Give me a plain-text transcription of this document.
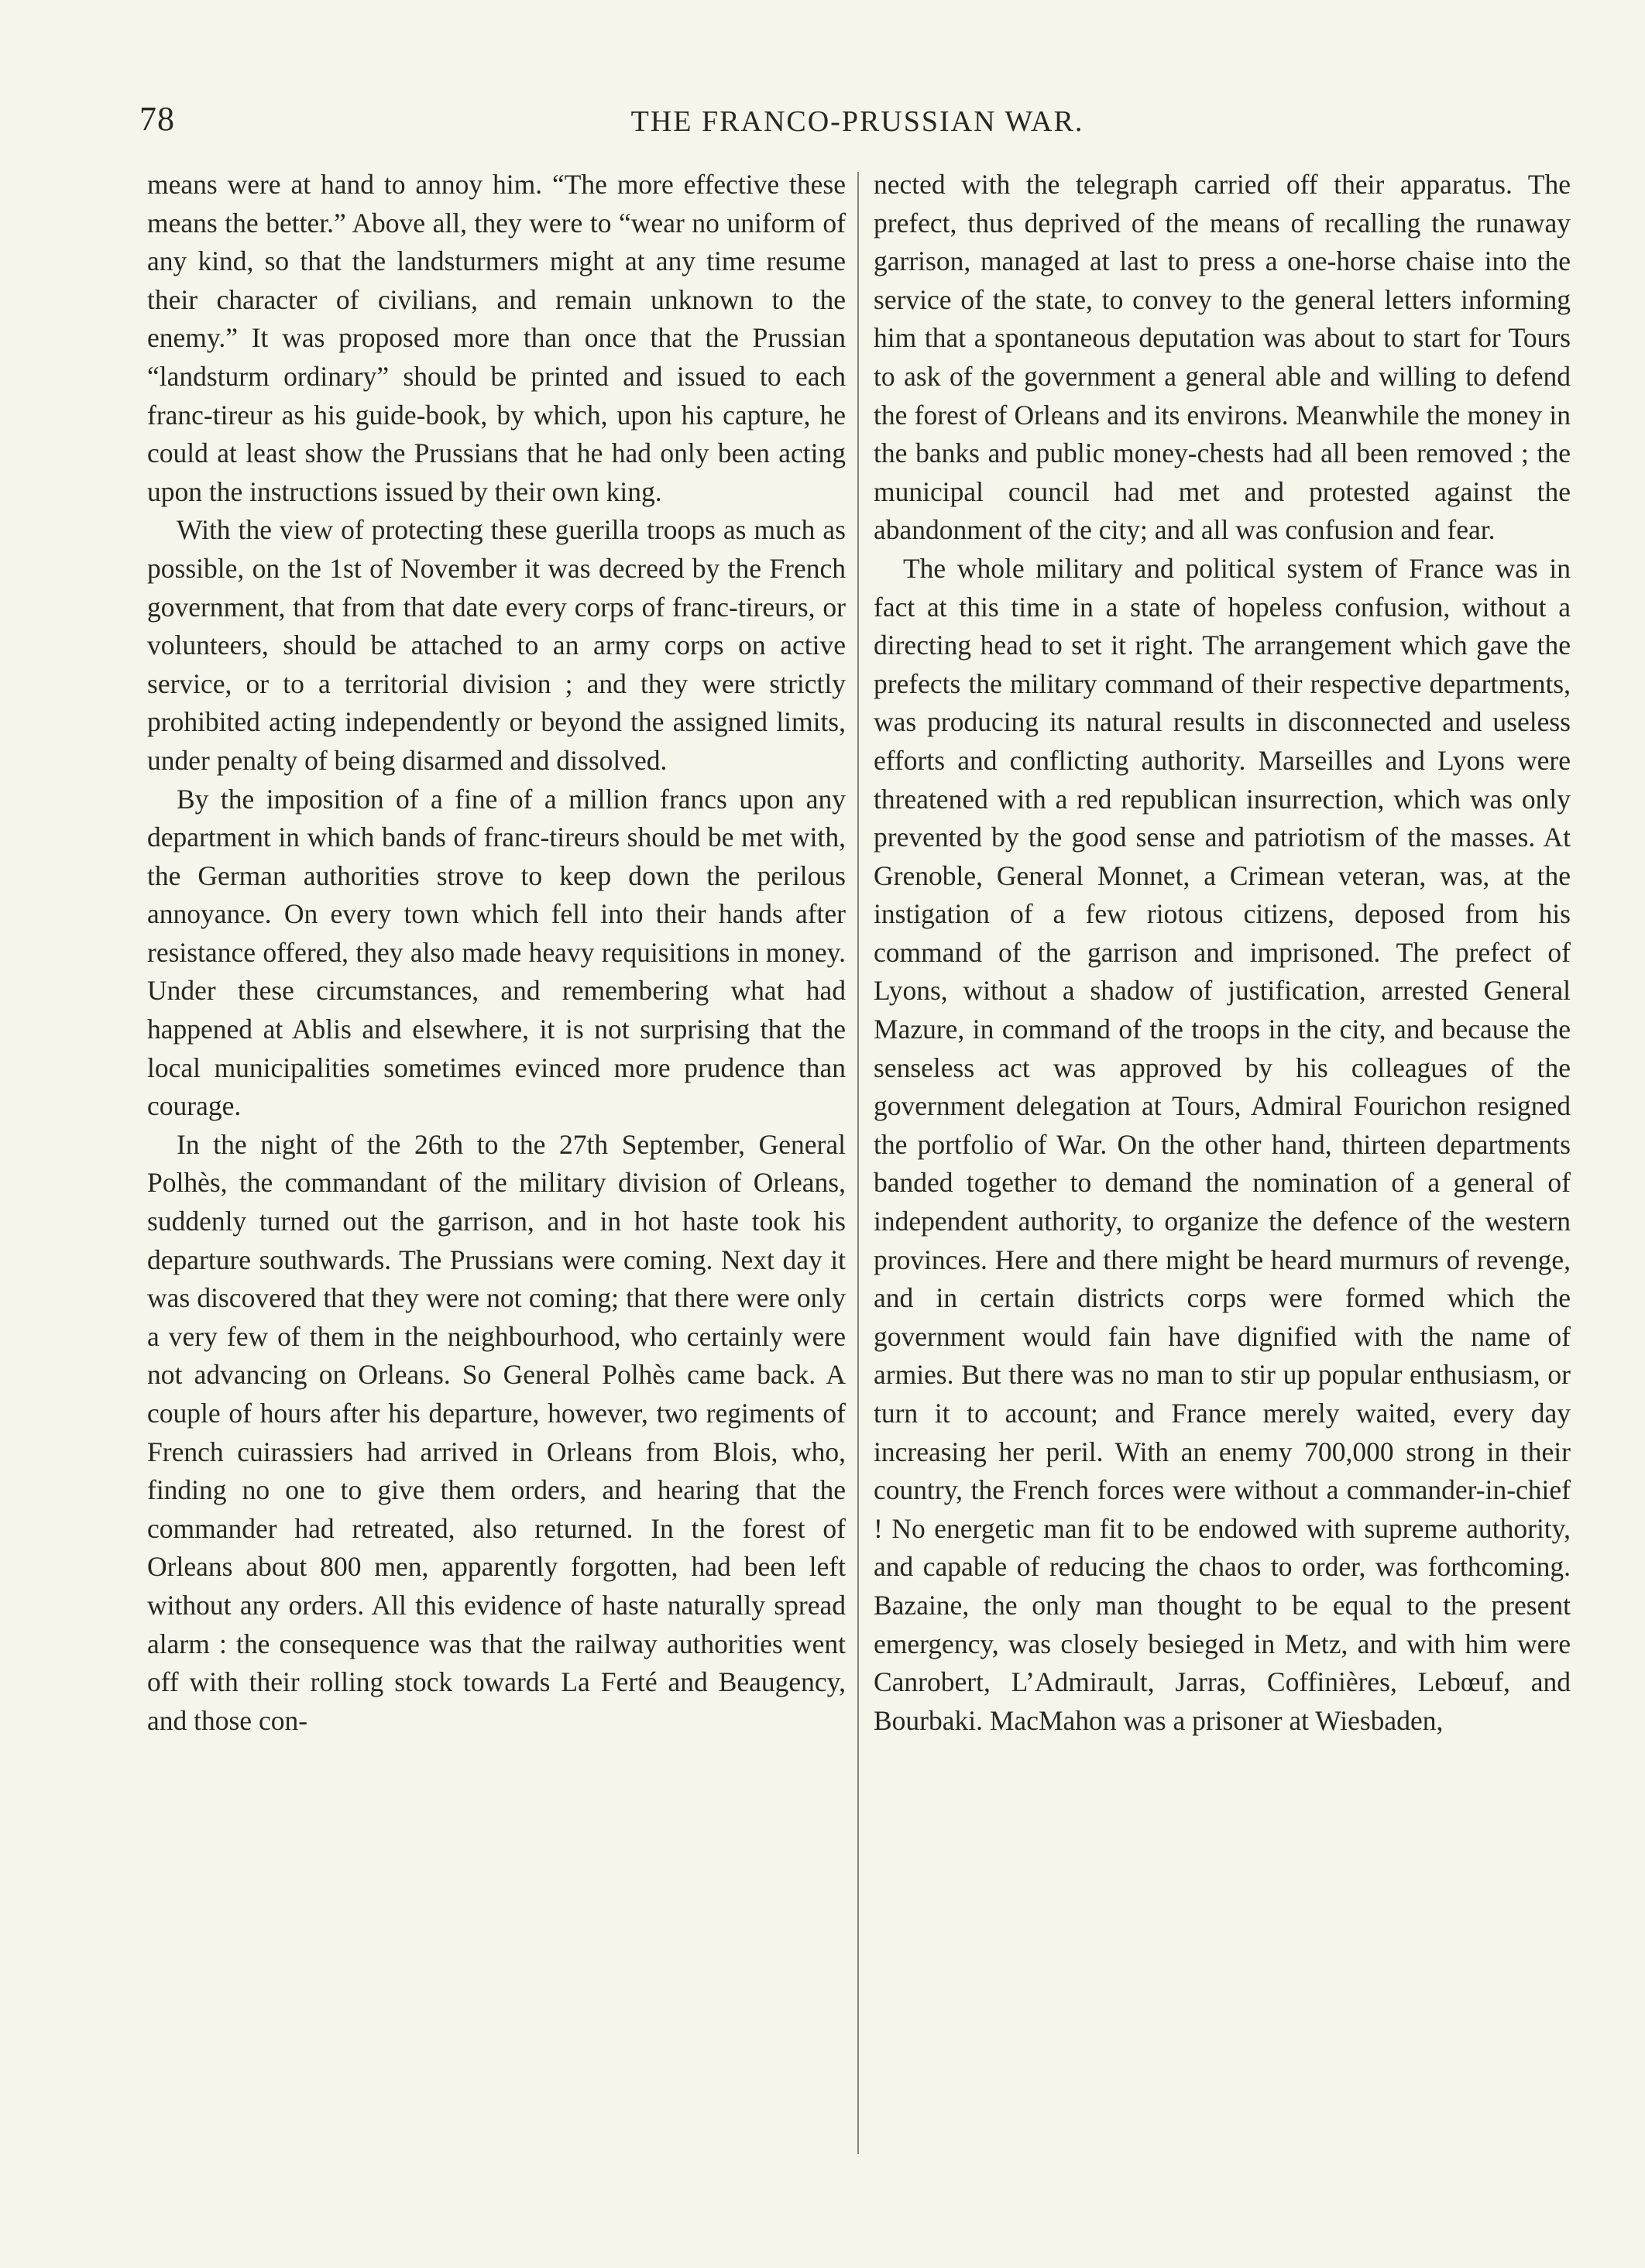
78	THE FRANCO-PRUSSIAN WAR.

means were at hand to annoy him. “The more effective these means the better.” Above all, they were to “wear no uniform of any kind, so that the landsturmers might at any time resume their character of civilians, and remain unknown to the enemy.” It was proposed more than once that the Prussian “landsturm ordinary” should be printed and issued to each franc-tireur as his guide-book, by which, upon his capture, he could at least show the Prussians that he had only been acting upon the instructions issued by their own king.

With the view of protecting these guerilla troops as much as possible, on the 1st of November it was decreed by the French government, that from that date every corps of franc-tireurs, or volunteers, should be attached to an army corps on active service, or to a territorial division ; and they were strictly prohibited acting independently or beyond the assigned limits, under penalty of being disarmed and dissolved.

By the imposition of a fine of a million francs upon any department in which bands of franc-tireurs should be met with, the German authorities strove to keep down the perilous annoyance. On every town which fell into their hands after resistance offered, they also made heavy requisitions in money. Under these circumstances, and remembering what had happened at Ablis and elsewhere, it is not surprising that the local municipalities sometimes evinced more prudence than courage.

In the night of the 26th to the 27th September, General Polhès, the commandant of the military division of Orleans, suddenly turned out the garrison, and in hot haste took his departure southwards. The Prussians were coming. Next day it was discovered that they were not coming; that there were only a very few of them in the neighbourhood, who certainly were not advancing on Orleans. So General Polhès came back. A couple of hours after his departure, however, two regiments of French cuirassiers had arrived in Orleans from Blois, who, finding no one to give them orders, and hearing that the commander had retreated, also returned. In the forest of Orleans about 800 men, apparently forgotten, had been left without any orders. All this evidence of haste naturally spread alarm : the consequence was that the railway authorities went off with their rolling stock towards La Ferté and Beaugency, and those con-

nected with the telegraph carried off their apparatus. The prefect, thus deprived of the means of recalling the runaway garrison, managed at last to press a one-horse chaise into the service of the state, to convey to the general letters informing him that a spontaneous deputation was about to start for Tours to ask of the government a general able and willing to defend the forest of Orleans and its environs. Meanwhile the money in the banks and public money-chests had all been removed ; the municipal council had met and protested against the abandonment of the city; and all was confusion and fear.

The whole military and political system of France was in fact at this time in a state of hopeless confusion, without a directing head to set it right. The arrangement which gave the prefects the military command of their respective departments, was producing its natural results in disconnected and useless efforts and conflicting authority. Marseilles and Lyons were threatened with a red republican insurrection, which was only prevented by the good sense and patriotism of the masses. At Grenoble, General Monnet, a Crimean veteran, was, at the instigation of a few riotous citizens, deposed from his command of the garrison and imprisoned. The prefect of Lyons, without a shadow of justification, arrested General Mazure, in command of the troops in the city, and because the senseless act was approved by his colleagues of the government delegation at Tours, Admiral Fourichon resigned the portfolio of War. On the other hand, thirteen departments banded together to demand the nomination of a general of independent authority, to organize the defence of the western provinces. Here and there might be heard murmurs of revenge, and in certain districts corps were formed which the government would fain have dignified with the name of armies. But there was no man to stir up popular enthusiasm, or turn it to account; and France merely waited, every day increasing her peril. With an enemy 700,000 strong in their country, the French forces were without a commander-in-chief ! No energetic man fit to be endowed with supreme authority, and capable of reducing the chaos to order, was forthcoming. Bazaine, the only man thought to be equal to the present emergency, was closely besieged in Metz, and with him were Canrobert, L’Admirault, Jarras, Coffinières, Lebœuf, and Bourbaki. MacMahon was a prisoner at Wiesbaden,
